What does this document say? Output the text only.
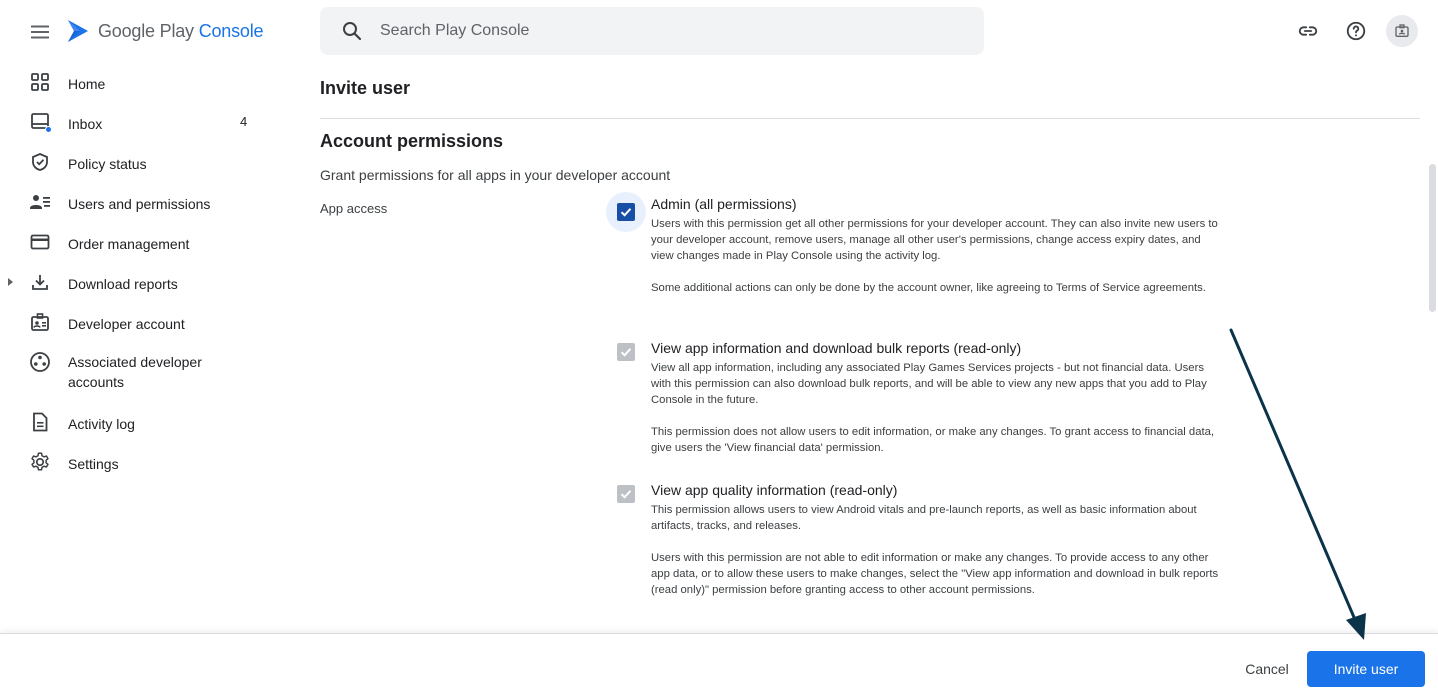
Google Play Console
Search Play Console
Home
Inbox	4
Policy status
Users and permissions
Order management
Download reports
Developer account
Associated developer accounts
Activity log
Settings
Invite user
Account permissions

Grant permissions for all apps in your developer account

App access	Admin (all permissions)

Users with this permission get all other permissions for your developer account. They can also invite new users to your developer account, remove users, manage all other user's permissions, change access expiry dates, and view changes made in Play Console using the activity log.

Some additional actions can only be done by the account owner, like agreeing to Terms of Service agreements.

View app information and download bulk reports (read-only)

View all app information, including any associated Play Games Services projects - but not financial data. Users with this permission can also download bulk reports, and will be able to view any new apps that you add to Play Console in the future.

This permission does not allow users to edit information, or make any changes. To grant access to financial data, give users the 'View financial data' permission.

View app quality information (read-only)

This permission allows users to view Android vitals and pre-launch reports, as well as basic information about artifacts, tracks, and releases.

Users with this permission are not able to edit information or make any changes. To provide access to any other app data, or to allow these users to make changes, select the "View app information and download in bulk reports (read only)" permission before granting access to other account permissions.

Cancel	Invite user
